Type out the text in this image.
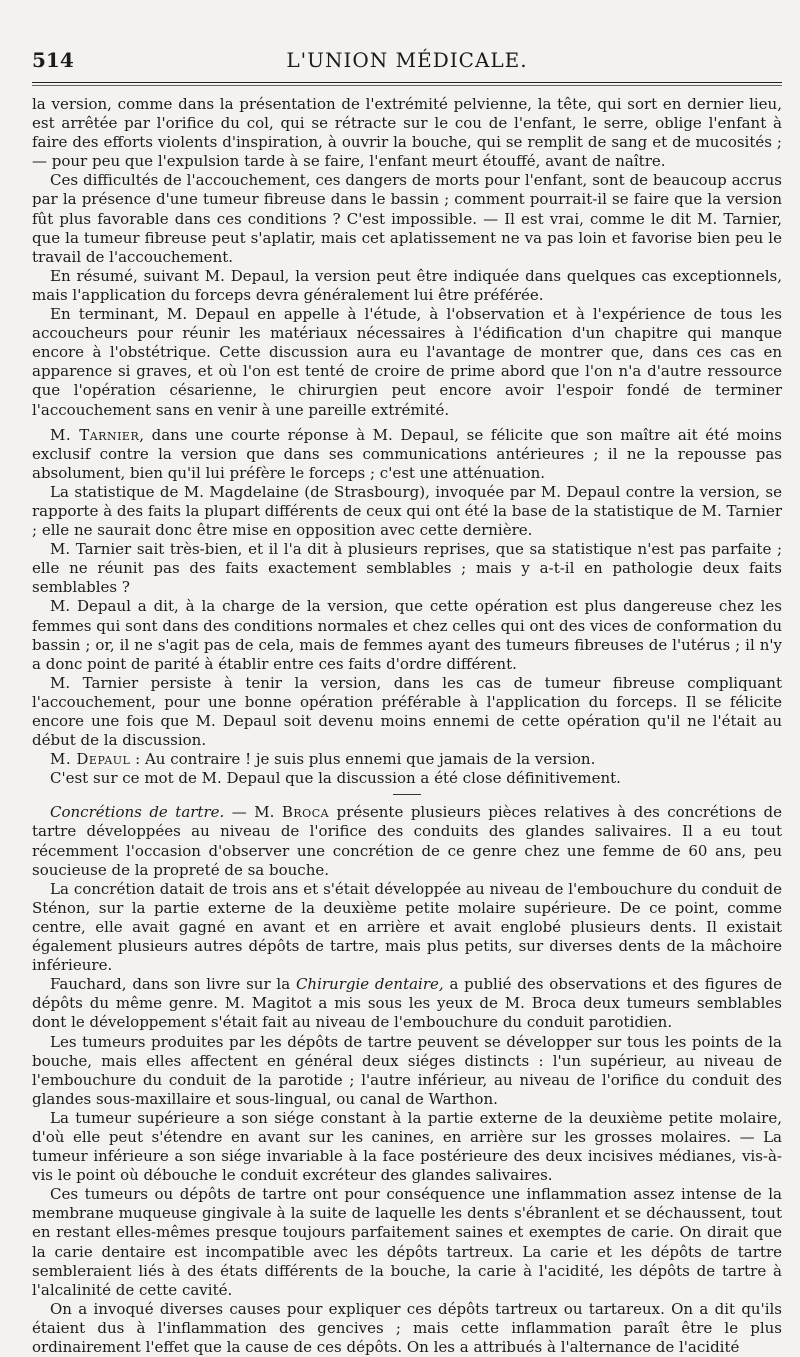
514	L'UNION MÉDICALE.

la version, comme dans la présentation de l'extrémité pelvienne, la tête, qui sort en dernier lieu, est arrêtée par l'orifice du col, qui se rétracte sur le cou de l'enfant, le serre, oblige l'enfant à faire des efforts violents d'inspiration, à ouvrir la bouche, qui se remplit de sang et de mucosités ; — pour peu que l'expulsion tarde à se faire, l'enfant meurt étouffé, avant de naître.

Ces difficultés de l'accouchement, ces dangers de morts pour l'enfant, sont de beaucoup accrus par la présence d'une tumeur fibreuse dans le bassin ; comment pourrait-il se faire que la version fût plus favorable dans ces conditions ? C'est impossible. — Il est vrai, comme le dit M. Tarnier, que la tumeur fibreuse peut s'aplatir, mais cet aplatissement ne va pas loin et favorise bien peu le travail de l'accouchement.

En résumé, suivant M. Depaul, la version peut être indiquée dans quelques cas exceptionnels, mais l'application du forceps devra généralement lui être préférée.

En terminant, M. Depaul en appelle à l'étude, à l'observation et à l'expérience de tous les accoucheurs pour réunir les matériaux nécessaires à l'édification d'un chapitre qui manque encore à l'obstétrique. Cette discussion aura eu l'avantage de montrer que, dans ces cas en apparence si graves, et où l'on est tenté de croire de prime abord que l'on n'a d'autre ressource que l'opération césarienne, le chirurgien peut encore avoir l'espoir fondé de terminer l'accouchement sans en venir à une pareille extrémité.

M. Tarnier, dans une courte réponse à M. Depaul, se félicite que son maître ait été moins exclusif contre la version que dans ses communications antérieures ; il ne la repousse pas absolument, bien qu'il lui préfère le forceps ; c'est une atténuation.

La statistique de M. Magdelaine (de Strasbourg), invoquée par M. Depaul contre la version, se rapporte à des faits la plupart différents de ceux qui ont été la base de la statistique de M. Tarnier ; elle ne saurait donc être mise en opposition avec cette dernière.

M. Tarnier sait très-bien, et il l'a dit à plusieurs reprises, que sa statistique n'est pas parfaite ; elle ne réunit pas des faits exactement semblables ; mais y a-t-il en pathologie deux faits semblables ?

M. Depaul a dit, à la charge de la version, que cette opération est plus dangereuse chez les femmes qui sont dans des conditions normales et chez celles qui ont des vices de conformation du bassin ; or, il ne s'agit pas de cela, mais de femmes ayant des tumeurs fibreuses de l'utérus ; il n'y a donc point de parité à établir entre ces faits d'ordre différent.

M. Tarnier persiste à tenir la version, dans les cas de tumeur fibreuse compliquant l'accouchement, pour une bonne opération préférable à l'application du forceps. Il se félicite encore une fois que M. Depaul soit devenu moins ennemi de cette opération qu'il ne l'était au début de la discussion.

M. Depaul : Au contraire ! je suis plus ennemi que jamais de la version.

C'est sur ce mot de M. Depaul que la discussion a été close définitivement.

Concrétions de tartre. — M. Broca présente plusieurs pièces relatives à des concrétions de tartre développées au niveau de l'orifice des conduits des glandes salivaires. Il a eu tout récemment l'occasion d'observer une concrétion de ce genre chez une femme de 60 ans, peu soucieuse de la propreté de sa bouche.

La concrétion datait de trois ans et s'était développée au niveau de l'embouchure du conduit de Sténon, sur la partie externe de la deuxième petite molaire supérieure. De ce point, comme centre, elle avait gagné en avant et en arrière et avait englobé plusieurs dents. Il existait également plusieurs autres dépôts de tartre, mais plus petits, sur diverses dents de la mâchoire inférieure.

Fauchard, dans son livre sur la Chirurgie dentaire, a publié des observations et des figures de dépôts du même genre. M. Magitot a mis sous les yeux de M. Broca deux tumeurs semblables dont le développement s'était fait au niveau de l'embouchure du conduit parotidien.

Les tumeurs produites par les dépôts de tartre peuvent se développer sur tous les points de la bouche, mais elles affectent en général deux siéges distincts : l'un supérieur, au niveau de l'embouchure du conduit de la parotide ; l'autre inférieur, au niveau de l'orifice du conduit des glandes sous-maxillaire et sous-lingual, ou canal de Warthon.

La tumeur supérieure a son siége constant à la partie externe de la deuxième petite molaire, d'où elle peut s'étendre en avant sur les canines, en arrière sur les grosses molaires. — La tumeur inférieure a son siége invariable à la face postérieure des deux incisives médianes, vis-à-vis le point où débouche le conduit excréteur des glandes salivaires.

Ces tumeurs ou dépôts de tartre ont pour conséquence une inflammation assez intense de la membrane muqueuse gingivale à la suite de laquelle les dents s'ébranlent et se déchaussent, tout en restant elles-mêmes presque toujours parfaitement saines et exemptes de carie. On dirait que la carie dentaire est incompatible avec les dépôts tartreux. La carie et les dépôts de tartre sembleraient liés à des états différents de la bouche, la carie à l'acidité, les dépôts de tartre à l'alcalinité de cette cavité.

On a invoqué diverses causes pour expliquer ces dépôts tartreux ou tartareux. On a dit qu'ils étaient dus à l'inflammation des gencives ; mais cette inflammation paraît être le plus ordinairement l'effet que la cause de ces dépôts. On les a attribués à l'alternance de l'acidité
